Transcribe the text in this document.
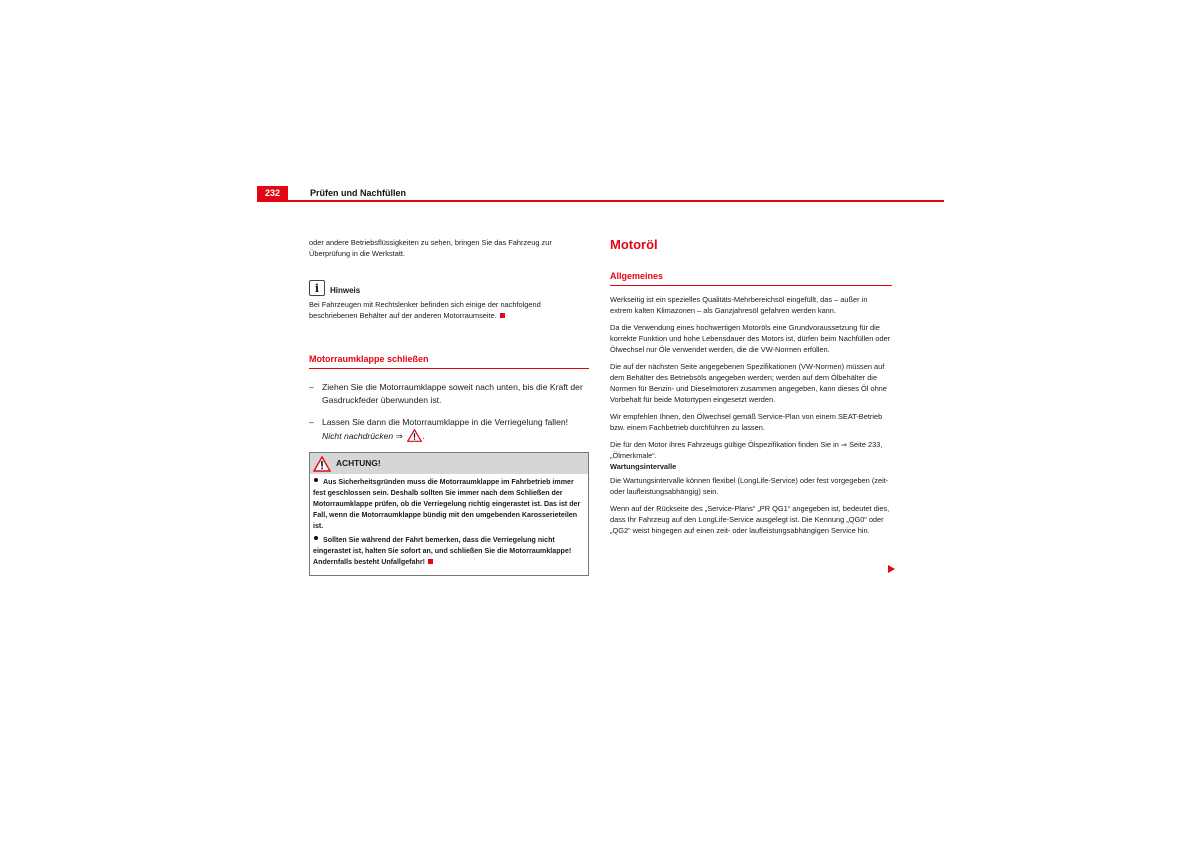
232	Prüfen und Nachfüllen

oder andere Betriebsflüssigkeiten zu sehen, bringen Sie das Fahrzeug zur Überprüfung in die Werkstatt.

i	Hinweis

Bei Fahrzeugen mit Rechtslenker befinden sich einige der nachfolgend beschriebenen Behälter auf der anderen Motorraumseite.

Motorraumklappe schließen
– Ziehen Sie die Motorraumklappe soweit nach unten, bis die Kraft der Gasdruckfeder überwunden ist.
– Lassen Sie dann die Motorraumklappe in die Verriegelung fallen!
Nicht nachdrücken ⇒ .
ACHTUNG!

Aus Sicherheitsgründen muss die Motorraumklappe im Fahrbetrieb immer fest geschlossen sein. Deshalb sollten Sie immer nach dem Schließen der Motorraumklappe prüfen, ob die Verriegelung richtig eingerastet ist. Das ist der Fall, wenn die Motorraumklappe bündig mit den umgebenden Karosserieteilen ist.

Sollten Sie während der Fahrt bemerken, dass die Verriegelung nicht eingerastet ist, halten Sie sofort an, und schließen Sie die Motorraumklappe! Andernfalls besteht Unfallgefahr!

Motoröl
Allgemeines

Werkseitig ist ein spezielles Qualitäts-Mehrbereichsöl eingefüllt, das – außer in extrem kalten Klimazonen – als Ganzjahresöl gefahren werden kann.

Da die Verwendung eines hochwertigen Motoröls eine Grundvoraussetzung für die korrekte Funktion und hohe Lebensdauer des Motors ist, dürfen beim Nachfüllen oder Ölwechsel nur Öle verwendet werden, die die VW-Normen erfüllen.

Die auf der nächsten Seite angegebenen Spezifikationen (VW-Normen) müssen auf dem Behälter des Betriebsöls angegeben werden; werden auf dem Ölbehälter die Normen für Benzin- und Dieselmotoren zusammen angegeben, kann dieses Öl ohne Vorbehalt für beide Motortypen eingesetzt werden.

Wir empfehlen Ihnen, den Ölwechsel gemäß Service-Plan von einem SEAT-Betrieb bzw. einem Fachbetrieb durchführen zu lassen.

Die für den Motor ihres Fahrzeugs gültige Ölspezifikation finden Sie in ⇒ Seite 233, „Ölmerkmale“.

Wartungsintervalle

Die Wartungsintervalle können flexibel (LongLife-Service) oder fest vorgegeben (zeit- oder laufleistungsabhängig) sein.

Wenn auf der Rückseite des „Service-Plans“ „PR QG1“ angegeben ist, bedeutet dies, dass Ihr Fahrzeug auf den LongLife-Service ausgelegt ist. Die Kennung „QG0“ oder „QG2“ weist hingegen auf einen zeit- oder laufleistungsabhängigen Service hin.
